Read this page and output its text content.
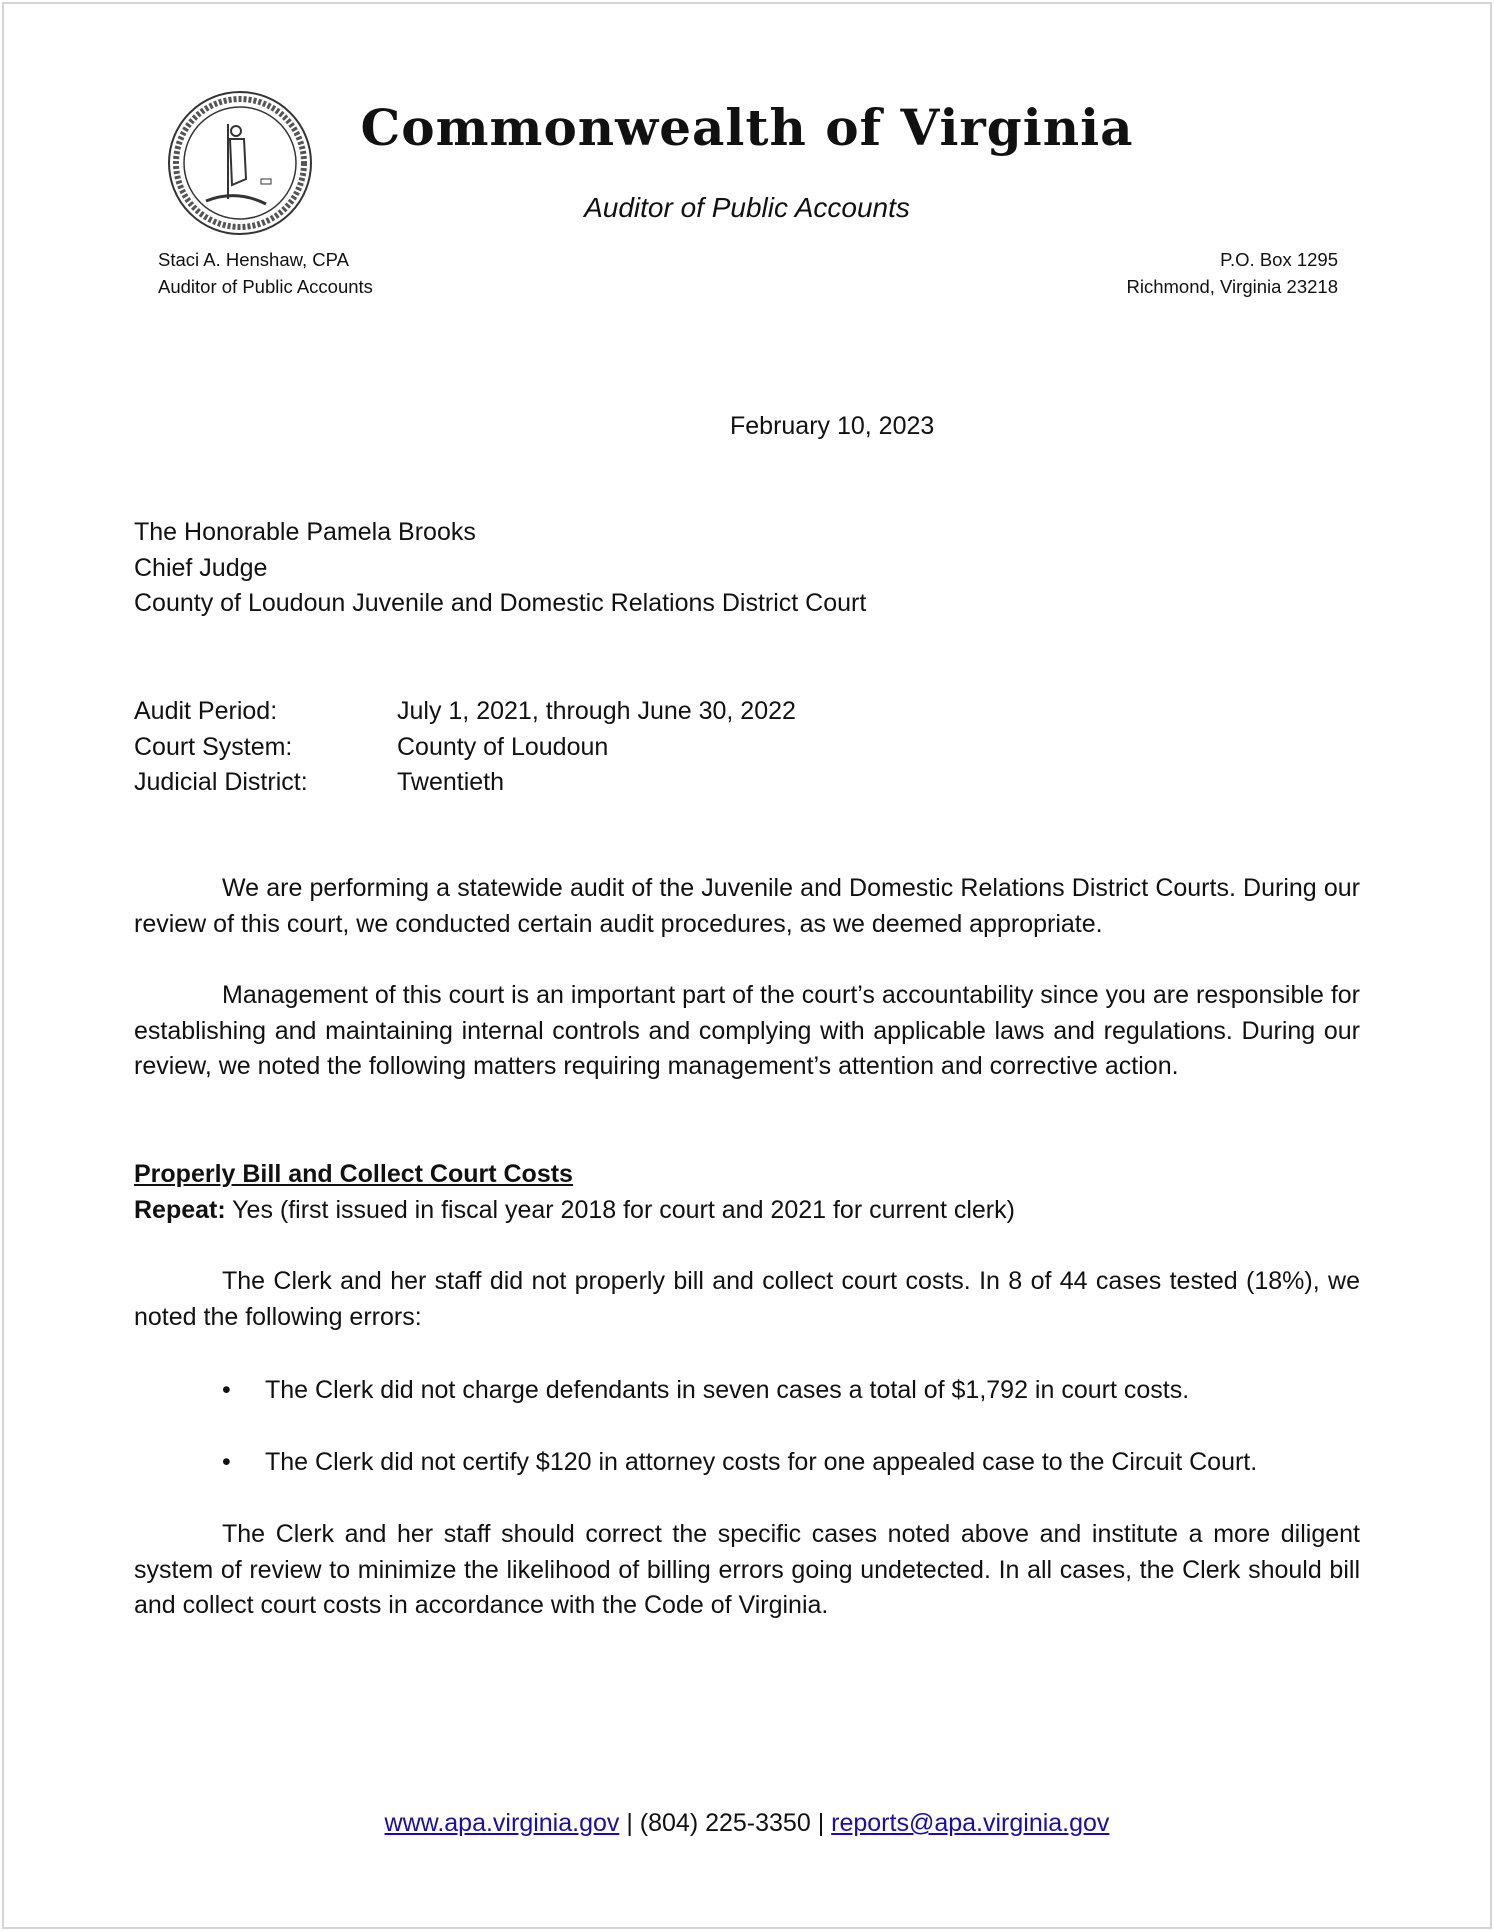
Commonwealth of Virginia
Auditor of Public Accounts
Staci A. Henshaw, CPA
Auditor of Public Accounts
P.O. Box 1295
Richmond, Virginia 23218
February 10, 2023
The Honorable Pamela Brooks
Chief Judge
County of Loudoun Juvenile and Domestic Relations District Court
Audit Period:	July 1, 2021, through June 30, 2022
Court System:	County of Loudoun
Judicial District:	Twentieth
We are performing a statewide audit of the Juvenile and Domestic Relations District Courts. During our review of this court, we conducted certain audit procedures, as we deemed appropriate.
Management of this court is an important part of the court’s accountability since you are responsible for establishing and maintaining internal controls and complying with applicable laws and regulations. During our review, we noted the following matters requiring management’s attention and corrective action.
Properly Bill and Collect Court Costs
Repeat: Yes (first issued in fiscal year 2018 for court and 2021 for current clerk)
The Clerk and her staff did not properly bill and collect court costs. In 8 of 44 cases tested (18%), we noted the following errors:
•	The Clerk did not charge defendants in seven cases a total of $1,792 in court costs.
•	The Clerk did not certify $120 in attorney costs for one appealed case to the Circuit Court.
The Clerk and her staff should correct the specific cases noted above and institute a more diligent system of review to minimize the likelihood of billing errors going undetected. In all cases, the Clerk should bill and collect court costs in accordance with the Code of Virginia.
www.apa.virginia.gov | (804) 225-3350 | reports@apa.virginia.gov
